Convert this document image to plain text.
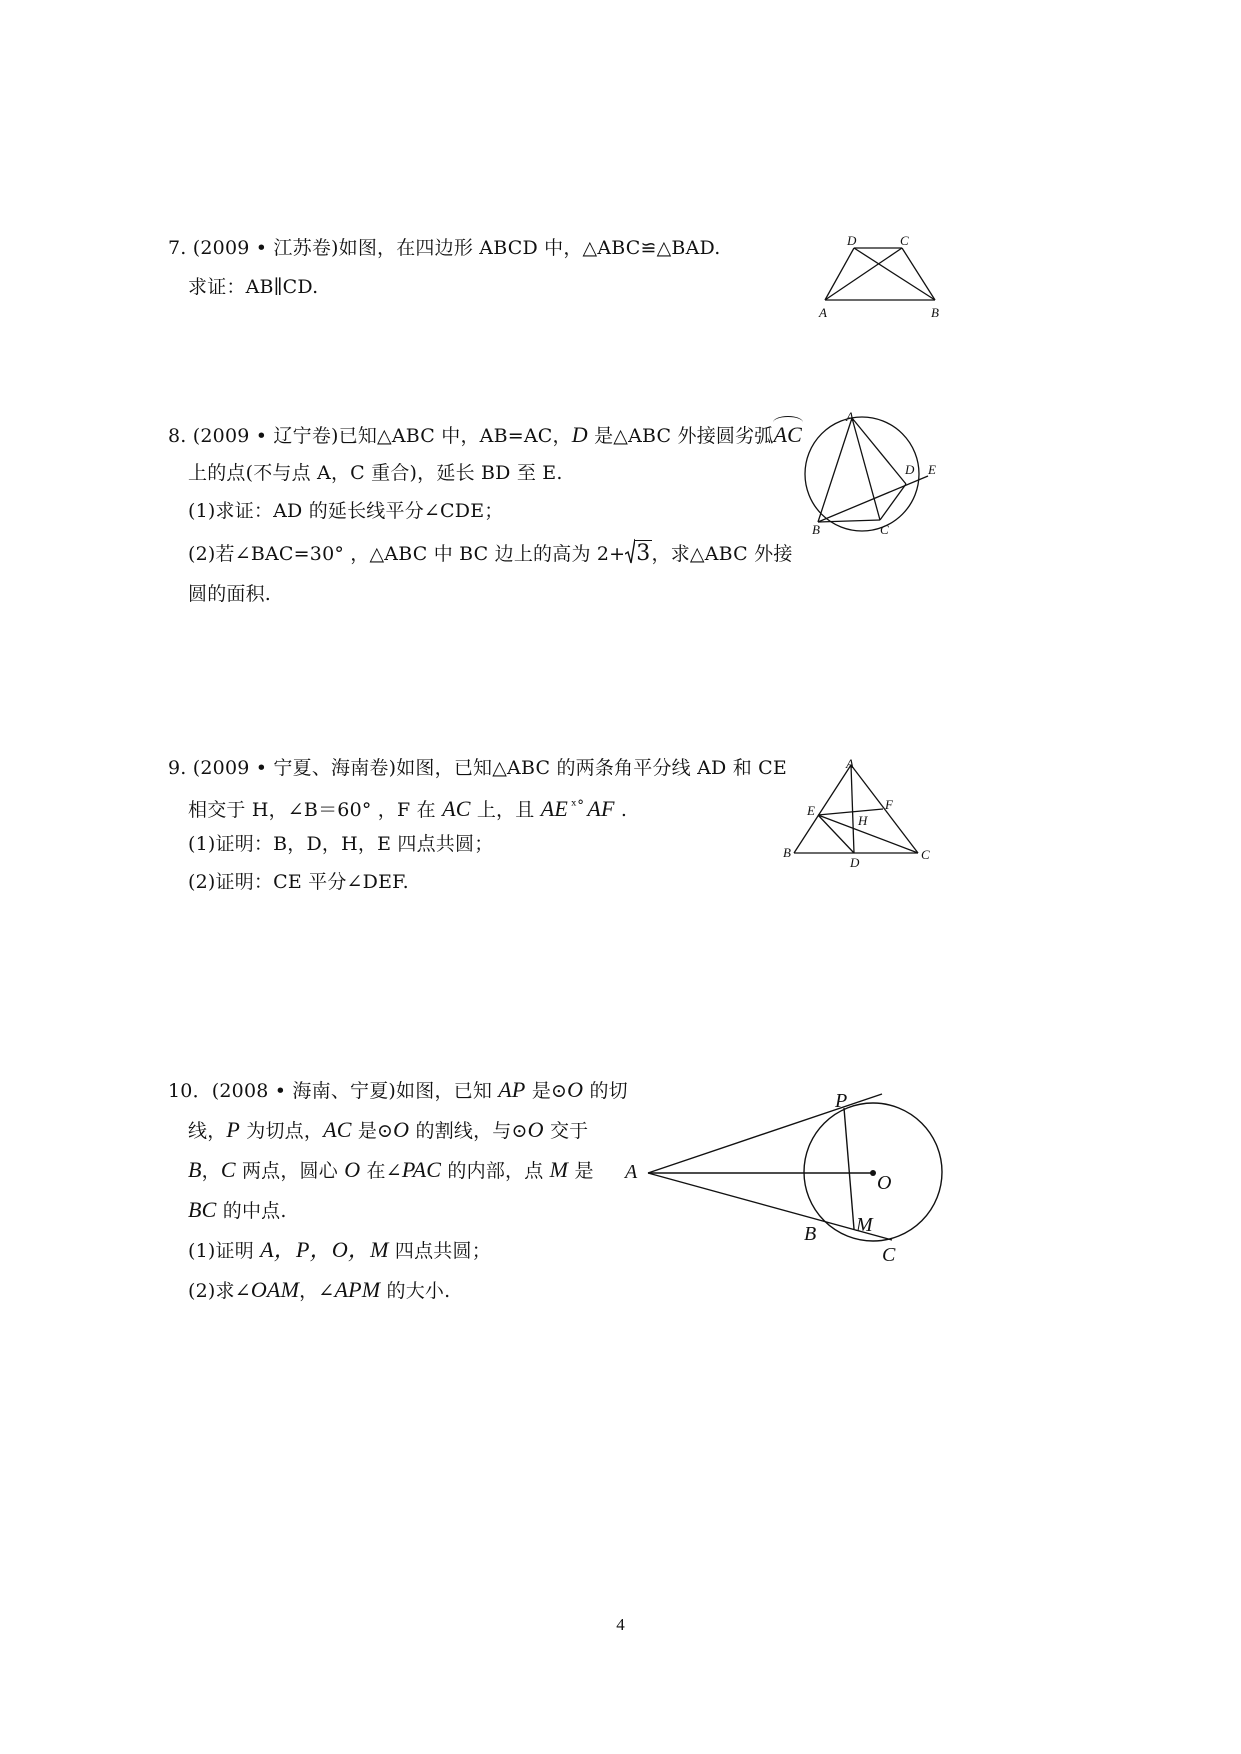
7. (2009 • 江苏卷)如图，在四边形 ABCD 中，△ABC≌△BAD.
求证：AB∥CD.
D	C
A	B
8. (2009 • 辽宁卷)已知△ABC 中，AB=AC，D 是△ABC 外接圆劣弧AC
上的点(不与点 A，C 重合)，延长 BD 至 E.
(1)求证：AD 的延长线平分∠CDE；
(2)若∠BAC=30° ，△ABC 中 BC 边上的高为 2+ 3，求△ABC 外接
圆的面积.
A
D E
B	C
9. (2009 • 宁夏、海南卷)如图，已知△ABC 的两条角平分线 AD 和 CE
相交于 H，∠B＝60° ，F 在 AC 上，且 AE $^{ˣ^\circ}$ AF .
(1)证明：B，D，H，E 四点共圆；
(2)证明：CE 平分∠DEF.
A
E	F
H
B
D
C
10．(2008 • 海南、宁夏)如图，已知 AP 是⊙O 的切
线，P 为切点，AC 是⊙O 的割线，与⊙O 交于
B，C 两点，圆心 O 在∠PAC 的内部，点 M 是
BC 的中点.
(1)证明 A，P，O，M 四点共圆；
(2)求∠OAM，∠APM 的大小.
P
A	O
B M
C
4
